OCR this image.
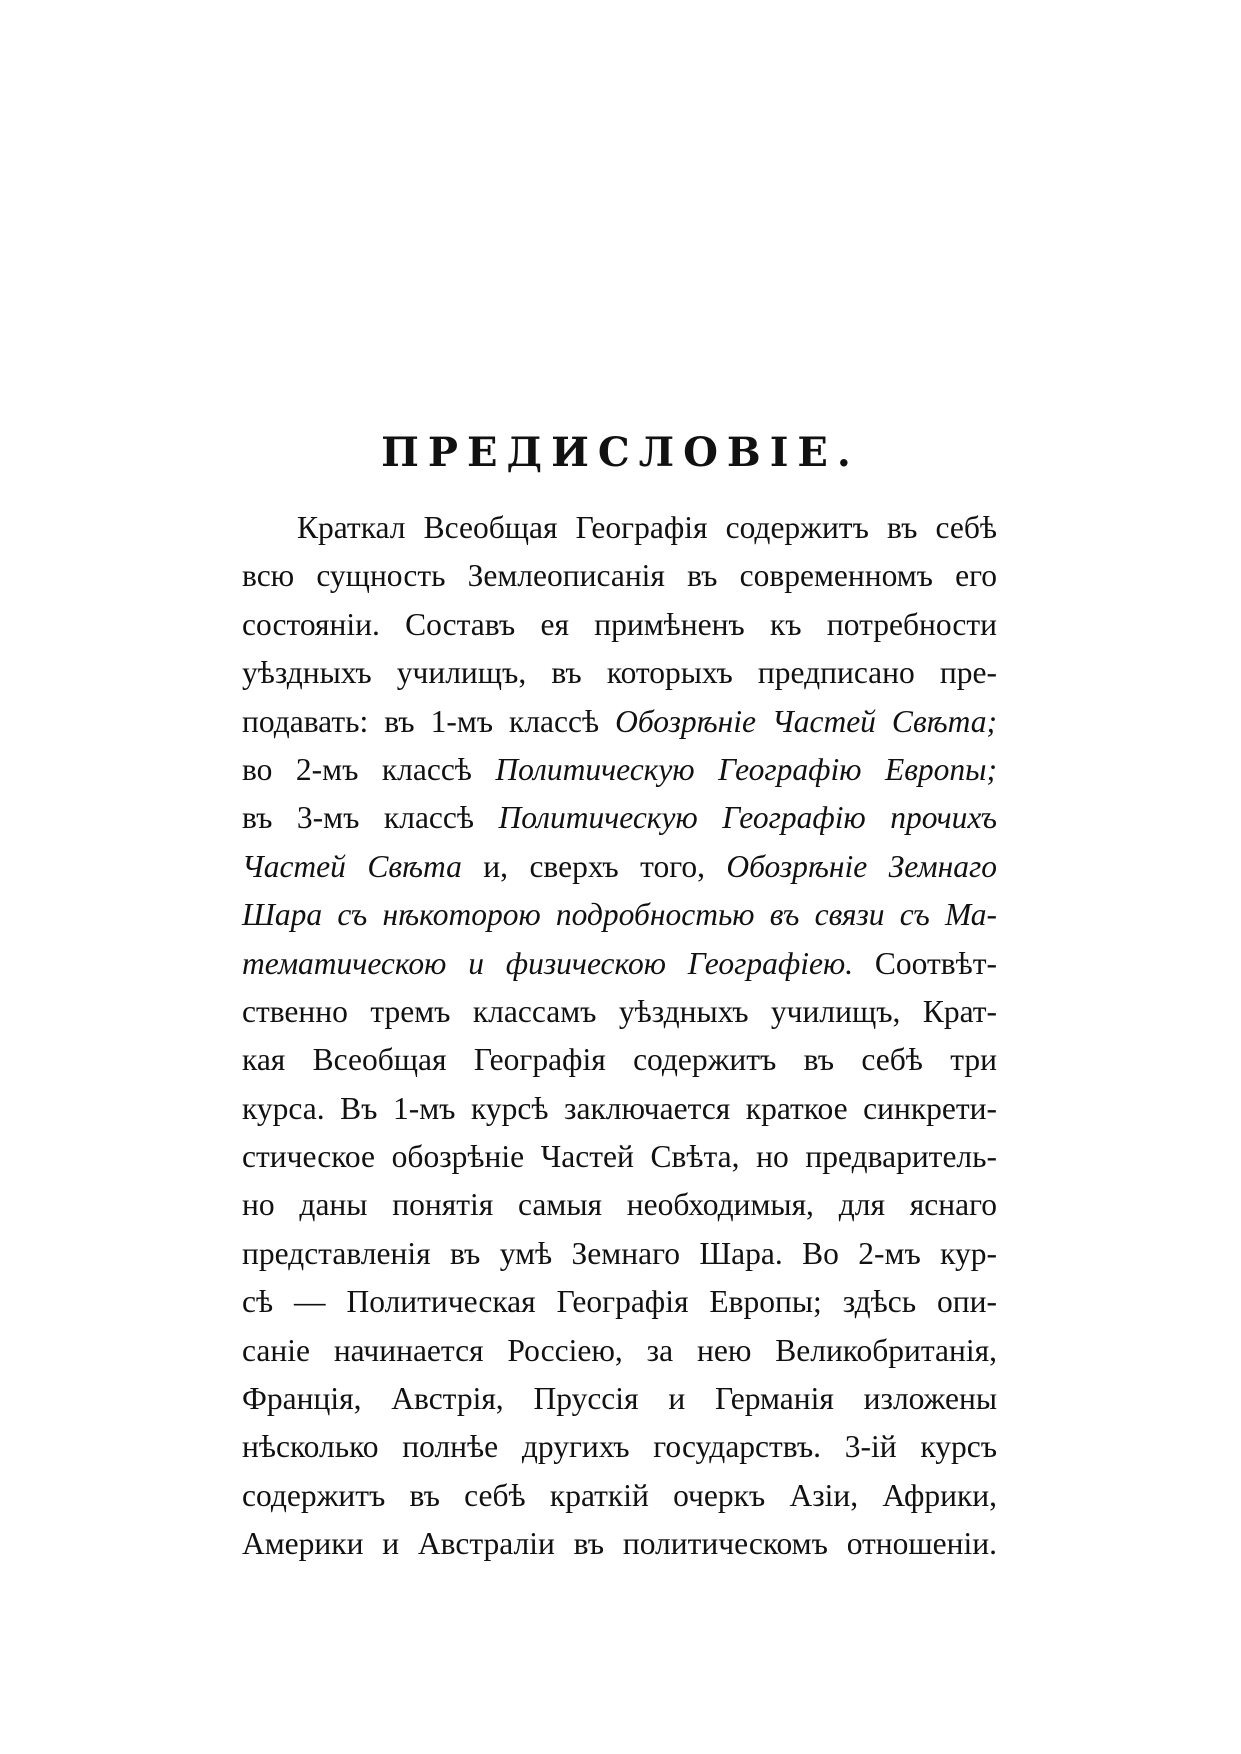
ПРЕДИСЛОВІЕ.
Краткал Всеобщая Географія содержитъ въ себѣ
всю сущность Землеописанія въ современномъ его
состояніи. Составъ ея примѣненъ къ потребности
уѣздныхъ училищъ, въ которыхъ предписано пре-
подавать: въ 1-мъ классѣ Обозрѣніе Частей Свѣта;
во 2-мъ классѣ Политическую Географію Европы;
въ 3-мъ классѣ Политическую Географію прочихъ
Частей Свѣта и, сверхъ того, Обозрѣніе Земнаго
Шара съ нѣкоторою подробностью въ связи съ Ма-
тематическою и физическою Географіею. Соотвѣт-
ственно тремъ классамъ уѣздныхъ училищъ, Крат-
кая Всеобщая Географія содержитъ въ себѣ три
курса. Въ 1-мъ курсѣ заключается краткое синкрети-
стическое обозрѣніе Частей Свѣта, но предваритель-
но даны понятія самыя необходимыя, для яснаго
представленія въ умѣ Земнаго Шара. Во 2-мъ кур-
сѣ — Политическая Географія Европы; здѣсь опи-
саніе начинается Россіею, за нею Великобританія,
Франція, Австрія, Пруссія и Германія изложены
нѣсколько полнѣе другихъ государствъ. 3-ій курсъ
содержитъ въ себѣ краткій очеркъ Азіи, Африки,
Америки и Австраліи въ политическомъ отношеніи.
